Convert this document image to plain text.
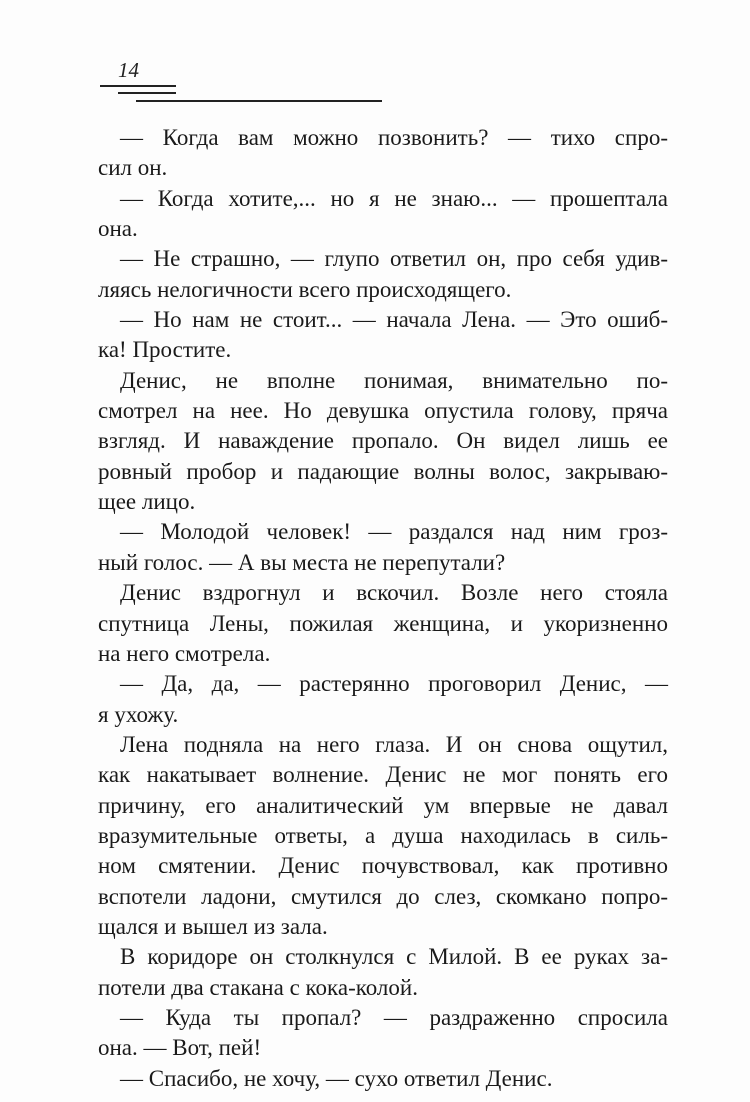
14
— Когда вам можно позвонить? — тихо спро-
сил он.
— Когда хотите,... но я не знаю... — прошептала
она.
— Не страшно, — глупо ответил он, про себя удив-
ляясь нелогичности всего происходящего.
— Но нам не стоит... — начала Лена. — Это ошиб-
ка! Простите.
Денис, не вполне понимая, внимательно по-
смотрел на нее. Но девушка опустила голову, пряча
взгляд. И наваждение пропало. Он видел лишь ее
ровный пробор и падающие волны волос, закрываю-
щее лицо.
— Молодой человек! — раздался над ним гроз-
ный голос. — А вы места не перепутали?
Денис вздрогнул и вскочил. Возле него стояла
спутница Лены, пожилая женщина, и укоризненно
на него смотрела.
— Да, да, — растерянно проговорил Денис, —
я ухожу.
Лена подняла на него глаза. И он снова ощутил,
как накатывает волнение. Денис не мог понять его
причину, его аналитический ум впервые не давал
вразумительные ответы, а душа находилась в силь-
ном смятении. Денис почувствовал, как противно
вспотели ладони, смутился до слез, скомкано попро-
щался и вышел из зала.
В коридоре он столкнулся с Милой. В ее руках за-
потели два стакана с кока-колой.
— Куда ты пропал? — раздраженно спросила
она. — Вот, пей!
— Спасибо, не хочу, — сухо ответил Денис.
